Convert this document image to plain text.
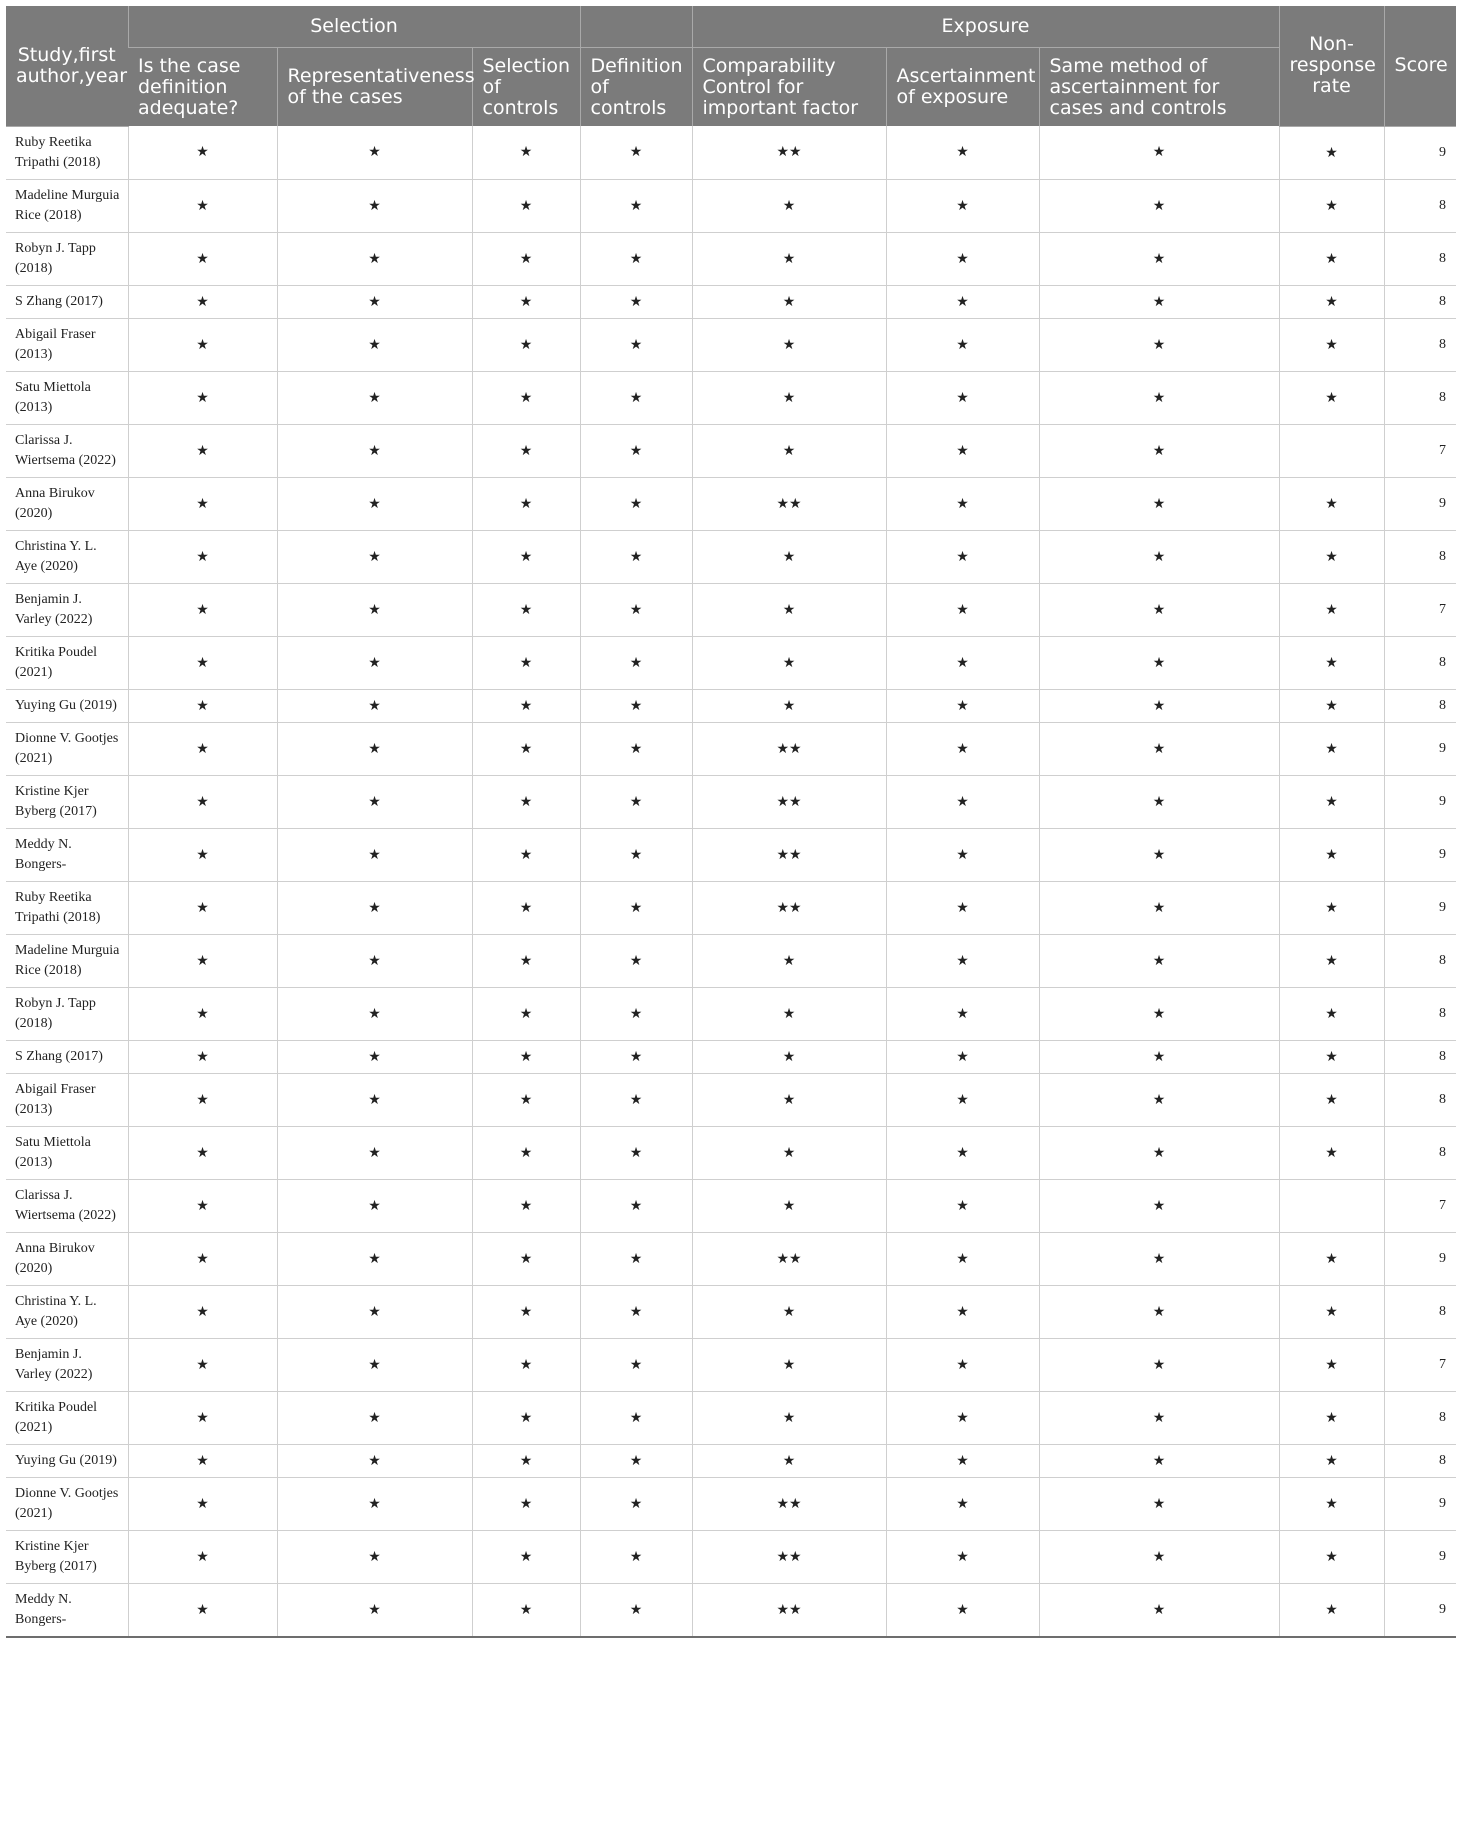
Study,first author,year	Selection				Exposure			Non-response rate	Score
	Is the case definition adequate?	Representativeness of the cases	Selection of controls	Definition of controls	Comparability Control for important factor	Ascertainment of exposure	Same method of ascertainment for cases and controls		
Ruby Reetika Tripathi (2018)	★	★	★	★	★★	★	★	★	9
Madeline Murguia Rice (2018)	★	★	★	★	★	★	★	★	8
Robyn J. Tapp (2018)	★	★	★	★	★	★	★	★	8
S Zhang (2017)	★	★	★	★	★	★	★	★	8
Abigail Fraser (2013)	★	★	★	★	★	★	★	★	8
Satu Miettola (2013)	★	★	★	★	★	★	★	★	8
Clarissa J. Wiertsema (2022)	★	★	★	★	★	★	★		7
Anna Birukov (2020)	★	★	★	★	★★	★	★	★	9
Christina Y. L. Aye (2020)	★	★	★	★	★	★	★	★	8
Benjamin J. Varley (2022)	★	★	★	★	★	★	★	★	7
Kritika Poudel (2021)	★	★	★	★	★	★	★	★	8
Yuying Gu (2019)	★	★	★	★	★	★	★	★	8
Dionne V. Gootjes (2021)	★	★	★	★	★★	★	★	★	9
Kristine Kjer Byberg (2017)	★	★	★	★	★★	★	★	★	9
Meddy N. Bongers-	★	★	★	★	★★	★	★	★	9
Ruby Reetika Tripathi (2018)	★	★	★	★	★★	★	★	★	9
Madeline Murguia Rice (2018)	★	★	★	★	★	★	★	★	8
Robyn J. Tapp (2018)	★	★	★	★	★	★	★	★	8
S Zhang (2017)	★	★	★	★	★	★	★	★	8
Abigail Fraser (2013)	★	★	★	★	★	★	★	★	8
Satu Miettola (2013)	★	★	★	★	★	★	★	★	8
Clarissa J. Wiertsema (2022)	★	★	★	★	★	★	★		7
Anna Birukov (2020)	★	★	★	★	★★	★	★	★	9
Christina Y. L. Aye (2020)	★	★	★	★	★	★	★	★	8
Benjamin J. Varley (2022)	★	★	★	★	★	★	★	★	7
Kritika Poudel (2021)	★	★	★	★	★	★	★	★	8
Yuying Gu (2019)	★	★	★	★	★	★	★	★	8
Dionne V. Gootjes (2021)	★	★	★	★	★★	★	★	★	9
Kristine Kjer Byberg (2017)	★	★	★	★	★★	★	★	★	9
Meddy N. Bongers-	★	★	★	★	★★	★	★	★	9
